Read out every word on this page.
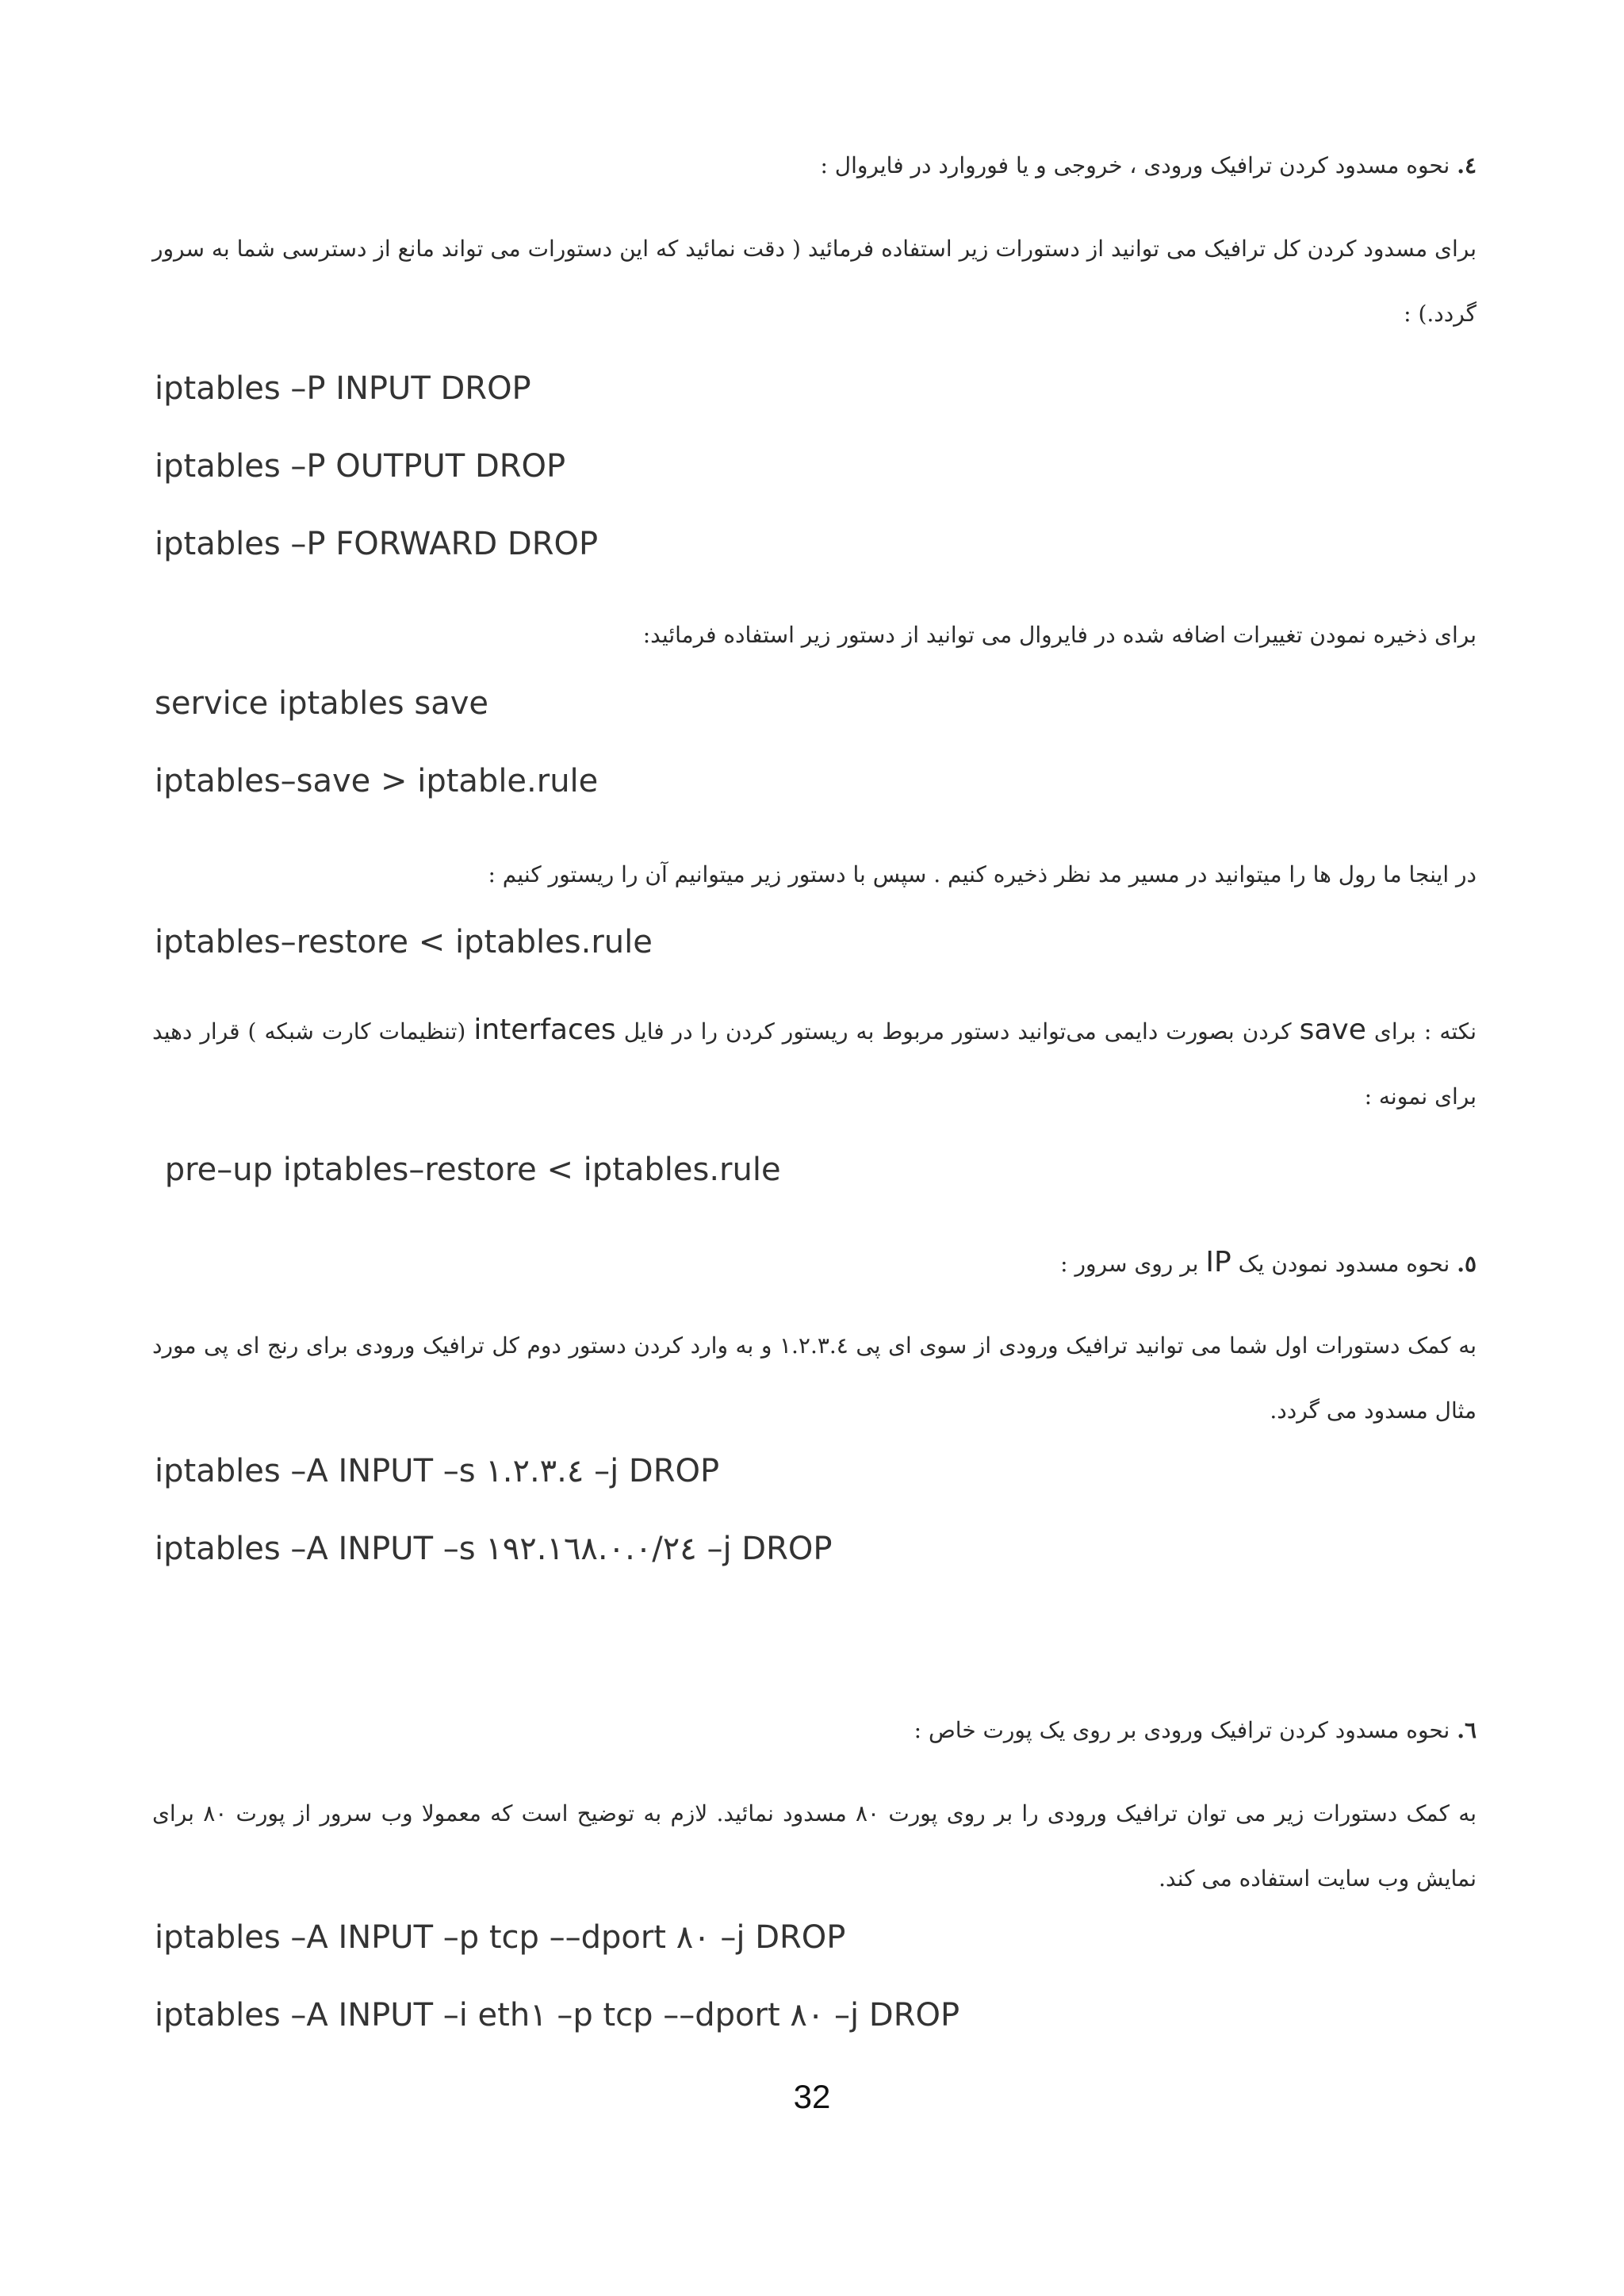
٤. نحوه مسدود کردن ترافیک ورودی ، خروجی و یا فوروارد در فایروال :
برای مسدود کردن کل ترافیک می توانید از دستورات زیر استفاده فرمائید ( دقت نمائید که این دستورات می تواند مانع از دسترسی شما به سرور گردد.) :
iptables –P INPUT DROP
iptables –P OUTPUT DROP
iptables –P FORWARD DROP
برای ذخیره نمودن تغییرات اضافه شده در فایروال می توانید از دستور زیر استفاده فرمائید:
service iptables save
iptables–save > iptable.rule
در اینجا ما رول ها را میتوانید در مسیر مد نظر ذخیره کنیم . سپس با دستور زیر میتوانیم آن را ریستور کنیم :
iptables–restore < iptables.rule
نکته : برای save کردن بصورت دایمی می‌توانید دستور مربوط به ریستور کردن را در فایل interfaces (تنظیمات کارت شبکه ) قرار دهید برای نمونه :
pre–up iptables–restore < iptables.rule
٥. نحوه مسدود نمودن یک IP بر روی سرور :
به کمک دستورات اول شما می توانید ترافیک ورودی از سوی ای پی ١.٢.٣.٤ و به وارد کردن دستور دوم کل ترافیک ورودی برای رنج ای پی مورد مثال مسدود می گردد.
iptables –A INPUT –s ١.٢.٣.٤ –j DROP
iptables –A INPUT –s ١٩٢.١٦٨.٠.٠/٢٤ –j DROP
٦. نحوه مسدود کردن ترافیک ورودی بر روی یک پورت خاص :
به کمک دستورات زیر می توان ترافیک ورودی را بر روی پورت ٨٠ مسدود نمائید. لازم به توضیح است که معمولا وب سرور از پورت ٨٠ برای نمایش وب سایت استفاده می کند.
iptables –A INPUT –p tcp ––dport ٨٠ –j DROP
iptables –A INPUT –i eth١ –p tcp ––dport ٨٠ –j DROP
32
